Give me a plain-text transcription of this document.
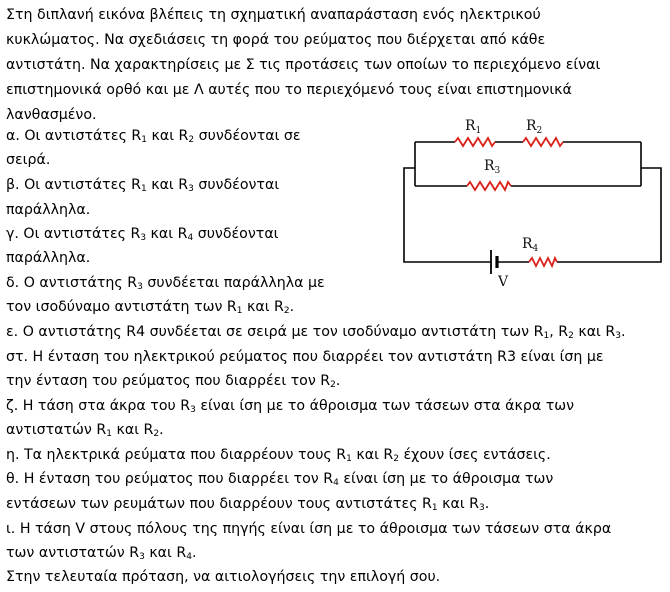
Στη διπλανή εικόνα βλέπεις τη σχηματική αναπαράσταση ενός ηλεκτρικού
κυκλώματος. Να σχεδιάσεις τη φορά του ρεύματος που διέρχεται από κάθε
αντιστάτη. Να χαρακτηρίσεις με Σ τις προτάσεις των οποίων το περιεχόμενο είναι
επιστημονικά ορθό και με Λ αυτές που το περιεχόμενό τους είναι επιστημονικά
λανθασμένο.
α. Οι αντιστάτες $R_1$ και $R_2$ συνδέονται σε
σειρά.
β. Οι αντιστάτες $R_1$ και $R_3$ συνδέονται
παράλληλα.
γ. Οι αντιστάτες $R_3$ και $R_4$ συνδέονται
παράλληλα.
δ. Ο αντιστάτης $R_3$ συνδέεται παράλληλα με
τον ισοδύναμο αντιστάτη των $R_1$ και $R_2$.
ε. Ο αντιστάτης R4 συνδέεται σε σειρά με τον ισοδύναμο αντιστάτη των $R_1$, $R_2$ και $R_3$.
στ. Η ένταση του ηλεκτρικού ρεύματος που διαρρέει τον αντιστάτη R3 είναι ίση με
την ένταση του ρεύματος που διαρρέει τον $R_2$.
ζ. Η τάση στα άκρα του $R_3$ είναι ίση με το άθροισμα των τάσεων στα άκρα των
αντιστατών $R_1$ και $R_2$.
η. Τα ηλεκτρικά ρεύματα που διαρρέουν τους $R_1$ και $R_2$ έχουν ίσες εντάσεις.
θ. Η ένταση του ρεύματος που διαρρέει τον $R_4$ είναι ίση με το άθροισμα των
εντάσεων των ρευμάτων που διαρρέουν τους αντιστάτες $R_1$ και $R_3$.
ι. Η τάση V στους πόλους της πηγής είναι ίση με το άθροισμα των τάσεων στα άκρα
των αντιστατών $R_3$ και $R_4$.
Στην τελευταία πρόταση, να αιτιολογήσεις την επιλογή σου.
$R_1$	$R_2$
$R_3$
$R_4$
V
